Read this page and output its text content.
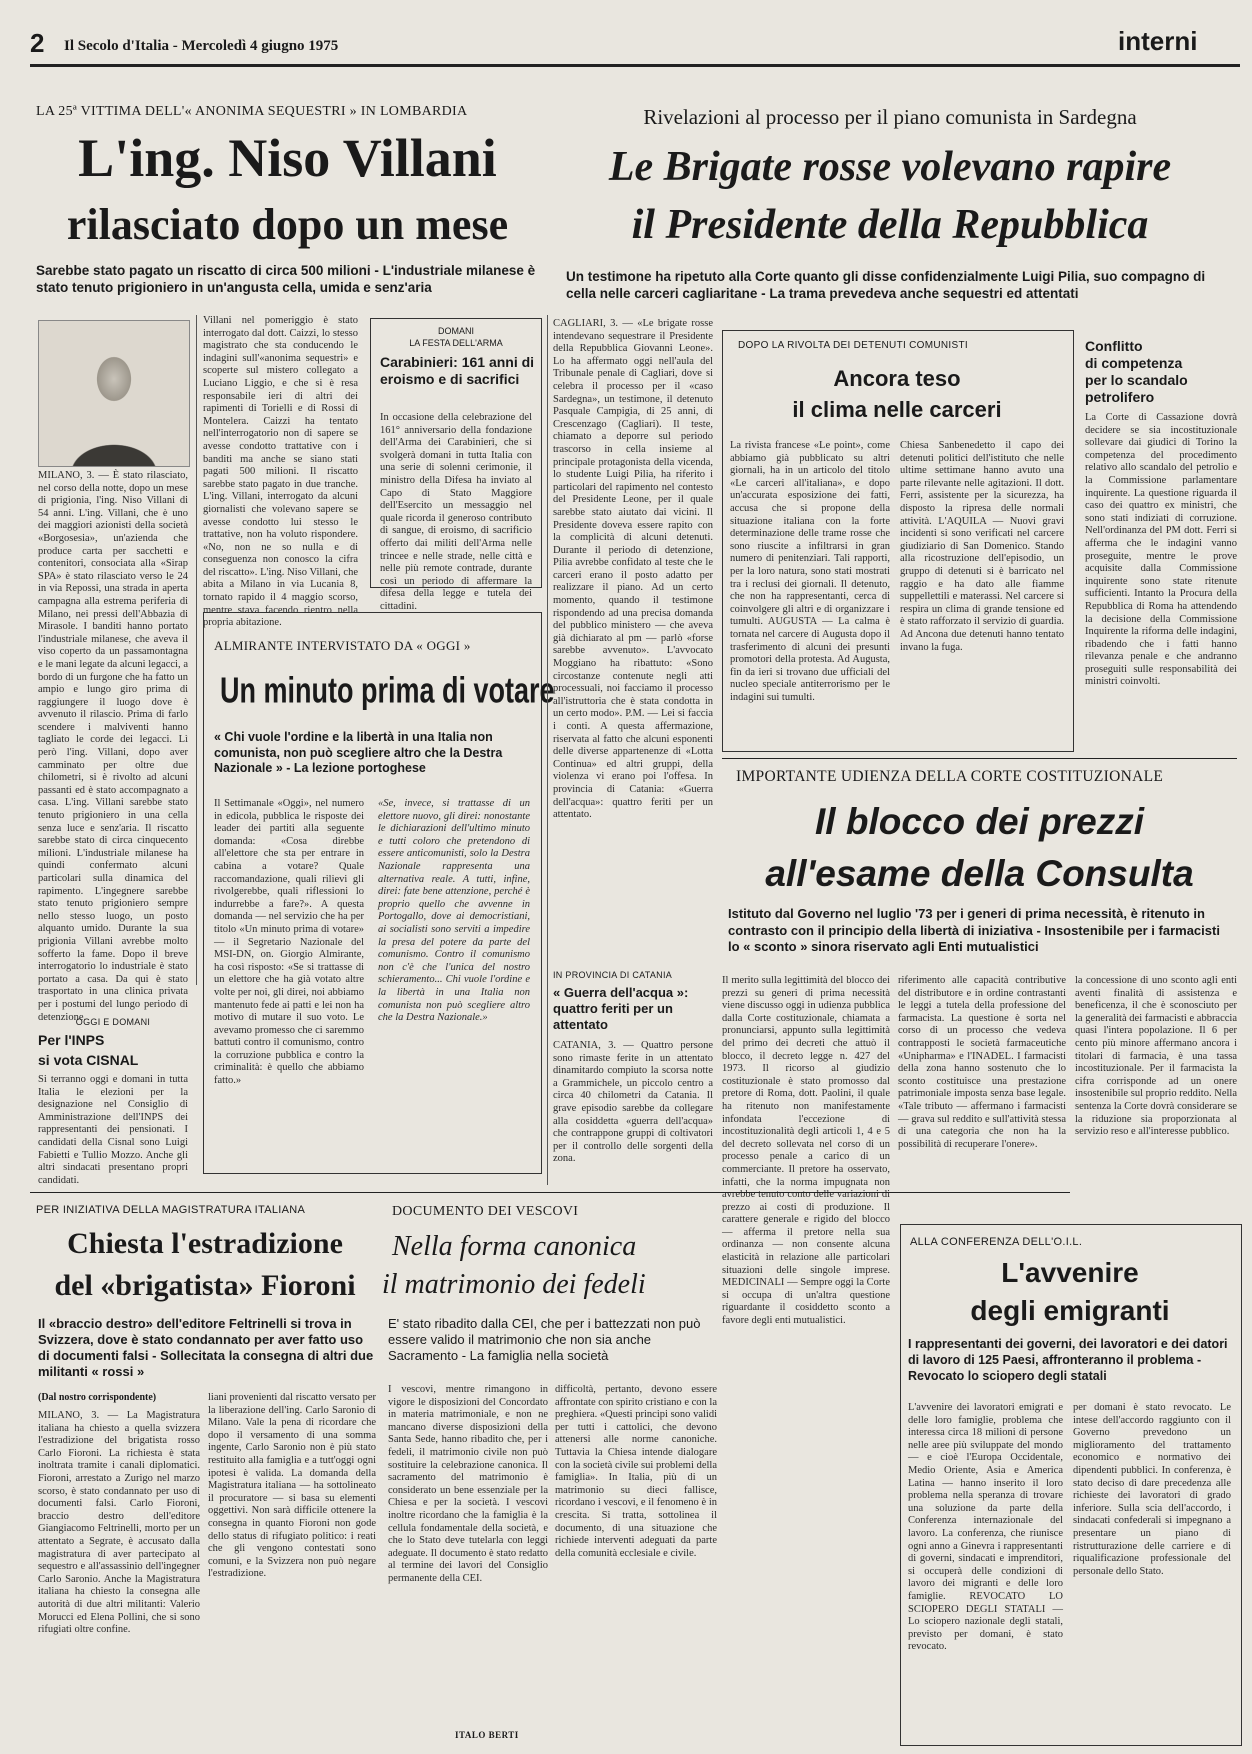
2 Il Secolo d'Italia - Mercoledì 4 giugno 1975	interni
LA 25ª VITTIMA DELL'« ANONIMA SEQUESTRI » IN LOMBARDIA
L'ing. Niso Villani
rilasciato dopo un mese
Sarebbe stato pagato un riscatto di circa 500 milioni - L'industriale milanese è stato tenuto prigioniero in un'angusta cella, umida e senz'aria
MILANO, 3. — È stato rilasciato, nel corso della notte, dopo un mese di prigionia, l'ing. Niso Villani di 54 anni. L'ing. Villani, che è uno dei maggiori azionisti della società «Borgosesia», un'azienda che produce carta per sacchetti e contenitori, consociata alla «Sirap SPA» è stato rilasciato verso le 24 in via Repossi, una strada in aperta campagna alla estrema periferia di Milano, nei pressi dell'Abbazia di Mirasole. I banditi hanno portato l'industriale milanese, che aveva il viso coperto da un passamontagna e le mani legate da alcuni legacci, a bordo di un furgone che ha fatto un ampio e lungo giro prima di raggiungere il luogo dove è avvenuto il rilascio. Prima di farlo scendere i malviventi hanno tagliato le corde dei legacci. Lì però l'ing. Villani, dopo aver camminato per oltre due chilometri, si è rivolto ad alcuni passanti ed è stato accompagnato a casa. L'ing. Villani sarebbe stato tenuto prigioniero in una cella senza luce e senz'aria. Il riscatto sarebbe stato di circa cinquecento milioni. L'industriale milanese ha quindi confermato alcuni particolari sulla dinamica del rapimento. L'ingegnere sarebbe stato tenuto prigioniero sempre nello stesso luogo, un posto alquanto umido. Durante la sua prigionia Villani avrebbe molto sofferto la fame. Dopo il breve interrogatorio lo industriale è stato portato a casa. Da qui è stato trasportato in una clinica privata per i postumi del lungo periodo di detenzione.
Villani nel pomeriggio è stato interrogato dal dott. Caizzi, lo stesso magistrato che sta conducendo le indagini sull'«anonima sequestri» e scoperte sul mistero collegato a Luciano Liggio, e che si è resa responsabile ieri di altri dei rapimenti di Torielli e di Rossi di Montelera. Caizzi ha tentato nell'interrogatorio non di sapere se avesse condotto trattative con i banditi ma anche se siano stati pagati 500 milioni. Il riscatto sarebbe stato pagato in due tranche. L'ing. Villani, interrogato da alcuni giornalisti che volevano sapere se avesse condotto lui stesso le trattative, non ha voluto rispondere. «No, non ne so nulla e di conseguenza non conosco la cifra del riscatto». L'ing. Niso Villani, che abita a Milano in via Lucania 8, tornato rapido il 4 maggio scorso, mentre stava facendo rientro nella propria abitazione.
DOMANI
LA FESTA DELL'ARMA
Carabinieri: 161 anni di eroismo e di sacrifici
In occasione della celebrazione del 161° anniversario della fondazione dell'Arma dei Carabinieri, che si svolgerà domani in tutta Italia con una serie di solenni cerimonie, il ministro della Difesa ha inviato al Capo di Stato Maggiore dell'Esercito un messaggio nel quale ricorda il generoso contributo di sangue, di eroismo, di sacrificio offerto dai militi dell'Arma nelle trincee e nelle strade, nelle città e nelle più remote contrade, durante così un periodo di affermare la difesa della legge e tutela dei cittadini.
ALMIRANTE INTERVISTATO DA « OGGI »
Un minuto prima di votare
« Chi vuole l'ordine e la libertà in una Italia non comunista, non può scegliere altro che la Destra Nazionale » - La lezione portoghese
Il Settimanale «Oggi», nel numero in edicola, pubblica le risposte dei leader dei partiti alla seguente domanda: «Cosa direbbe all'elettore che sta per entrare in cabina a votare? Quale raccomandazione, quali rilievi gli rivolgerebbe, quali riflessioni lo indurrebbe a fare?». A questa domanda — nel servizio che ha per titolo «Un minuto prima di votare» — il Segretario Nazionale del MSI-DN, on. Giorgio Almirante, ha così risposto: «Se si trattasse di un elettore che ha già votato altre volte per noi, gli direi, noi abbiamo mantenuto fede ai patti e lei non ha motivo di mutare il suo voto. Le avevamo promesso che ci saremmo battuti contro il comunismo, contro la corruzione pubblica e contro la criminalità: è quello che abbiamo fatto.»
«Se, invece, si trattasse di un elettore nuovo, gli direi: nonostante le dichiarazioni dell'ultimo minuto e tutti coloro che pretendono di essere anticomunisti, solo la Destra Nazionale rappresenta una alternativa reale. A tutti, infine, direi: fate bene attenzione, perché è proprio quello che avvenne in Portogallo, dove ai democristiani, ai socialisti sono serviti a impedire la presa del potere da parte del comunismo. Contro il comunismo non c'è che l'unica del nostro schieramento... Chi vuole l'ordine e la libertà in una Italia non comunista non può scegliere altro che la Destra Nazionale.»
OGGI E DOMANI
Per l'INPS
si vota CISNAL
Si terranno oggi e domani in tutta Italia le elezioni per la designazione nel Consiglio di Amministrazione dell'INPS dei rappresentanti dei pensionati. I candidati della Cisnal sono Luigi Fabietti e Tullio Mozzo. Anche gli altri sindacati presentano propri candidati.
Rivelazioni al processo per il piano comunista in Sardegna
Le Brigate rosse volevano rapire
il Presidente della Repubblica
Un testimone ha ripetuto alla Corte quanto gli disse confidenzialmente Luigi Pilia, suo compagno di cella nelle carceri cagliaritane - La trama prevedeva anche sequestri ed attentati
CAGLIARI, 3. — «Le brigate rosse intendevano sequestrare il Presidente della Repubblica Giovanni Leone». Lo ha affermato oggi nell'aula del Tribunale penale di Cagliari, dove si celebra il processo per il «caso Sardegna», un testimone, il detenuto Pasquale Campigia, di 25 anni, di Crescenzago (Cagliari). Il teste, chiamato a deporre sul periodo trascorso in cella insieme al principale protagonista della vicenda, lo studente Luigi Pilia, ha riferito i particolari del rapimento nel contesto del Presidente Leone, per il quale sarebbe stato aiutato dai vicini. Il Presidente doveva essere rapito con la complicità di alcuni detenuti. Durante il periodo di detenzione, Pilia avrebbe confidato al teste che le carceri erano il posto adatto per realizzare il piano. Ad un certo momento, quando il testimone rispondendo ad una precisa domanda del pubblico ministero — che aveva già dichiarato al pm — parlò «forse sarebbe avvenuto». L'avvocato Moggiano ha ribattuto: «Sono circostanze contenute negli atti processuali, noi facciamo il processo all'istruttoria che è stata condotta in un certo modo». P.M. — Lei si faccia i conti. A questa affermazione, riservata al fatto che alcuni esponenti delle diverse appartenenze di «Lotta Continua» ed altri gruppi, della violenza vi erano poi l'offesa. In provincia di Catania: «Guerra dell'acqua»: quattro feriti per un attentato.
IN PROVINCIA DI CATANIA
« Guerra dell'acqua »: quattro feriti per un attentato
CATANIA, 3. — Quattro persone sono rimaste ferite in un attentato dinamitardo compiuto la scorsa notte a Grammichele, un piccolo centro a circa 40 chilometri da Catania. Il grave episodio sarebbe da collegare alla cosiddetta «guerra dell'acqua» che contrappone gruppi di coltivatori per il controllo delle sorgenti della zona.
DOPO LA RIVOLTA DEI DETENUTI COMUNISTI
Ancora teso
il clima nelle carceri
La rivista francese «Le point», come abbiamo già pubblicato su altri giornali, ha in un articolo del titolo «Le carceri all'italiana», e dopo un'accurata esposizione dei fatti, accusa che si propone della situazione italiana con la forte determinazione delle trame rosse che sono riuscite a infiltrarsi in gran numero di penitenziari. Tali rapporti, per la loro natura, sono stati mostrati tra i reclusi dei giornali. Il detenuto, che non ha rappresentanti, cerca di coinvolgere gli altri e di organizzare i tumulti. AUGUSTA — La calma è tornata nel carcere di Augusta dopo il trasferimento di alcuni dei presunti promotori della protesta. Ad Augusta, fin da ieri si trovano due ufficiali del nucleo speciale antiterrorismo per le indagini sui tumulti.
Chiesa Sanbenedetto il capo dei detenuti politici dell'istituto che nelle ultime settimane hanno avuto una parte rilevante nelle agitazioni. Il dott. Ferri, assistente per la sicurezza, ha disposto la ripresa delle normali attività. L'AQUILA — Nuovi gravi incidenti si sono verificati nel carcere giudiziario di San Domenico. Stando alla ricostruzione dell'episodio, un gruppo di detenuti si è barricato nel raggio e ha dato alle fiamme suppellettili e materassi. Nel carcere si respira un clima di grande tensione ed è stato rafforzato il servizio di guardia. Ad Ancona due detenuti hanno tentato invano la fuga.
Conflitto
di competenza
per lo scandalo
petrolifero
La Corte di Cassazione dovrà decidere se sia incostituzionale sollevare dai giudici di Torino la competenza del procedimento relativo allo scandalo del petrolio e la Commissione parlamentare inquirente. La questione riguarda il caso dei quattro ex ministri, che sono stati indiziati di corruzione. Nell'ordinanza del PM dott. Ferri si afferma che le indagini vanno proseguite, mentre le prove acquisite dalla Commissione inquirente sono state ritenute sufficienti. Intanto la Procura della Repubblica di Roma ha attendendo la decisione della Commissione Inquirente la riforma delle indagini, ribadendo che i fatti hanno rilevanza penale e che andranno proseguiti sulle responsabilità dei ministri coinvolti.
IMPORTANTE UDIENZA DELLA CORTE COSTITUZIONALE
Il blocco dei prezzi
all'esame della Consulta
Istituto dal Governo nel luglio '73 per i generi di prima necessità, è ritenuto in contrasto con il principio della libertà di iniziativa - Insostenibile per i farmacisti lo « sconto » sinora riservato agli Enti mutualistici
Il merito sulla legittimità del blocco dei prezzi su generi di prima necessità viene discusso oggi in udienza pubblica dalla Corte costituzionale, chiamata a pronunciarsi, appunto sulla legittimità del primo dei decreti che attuò il blocco, il decreto legge n. 427 del 1973. Il ricorso al giudizio costituzionale è stato promosso dal pretore di Roma, dott. Paolini, il quale ha ritenuto non manifestamente infondata l'eccezione di incostituzionalità degli articoli 1, 4 e 5 del decreto sollevata nel corso di un processo penale a carico di un commerciante. Il pretore ha osservato, infatti, che la norma impugnata non avrebbe tenuto conto delle variazioni di prezzo ai costi di produzione. Il carattere generale e rigido del blocco — afferma il pretore nella sua ordinanza — non consente alcuna elasticità in relazione alle particolari situazioni delle singole imprese. MEDICINALI — Sempre oggi la Corte si occupa di un'altra questione riguardante il cosiddetto sconto a favore degli enti mutualistici.
riferimento alle capacità contributive del distributore e in ordine contrastanti le leggi a tutela della professione del farmacista. La questione è sorta nel corso di un processo che vedeva contrapposti le società farmaceutiche «Unipharma» e l'INADEL. I farmacisti della zona hanno sostenuto che lo sconto costituisce una prestazione patrimoniale imposta senza base legale. «Tale tributo — affermano i farmacisti — grava sul reddito e sull'attività stessa di una categoria che non ha la possibilità di recuperare l'onere».
la concessione di uno sconto agli enti aventi finalità di assistenza e beneficenza, il che è sconosciuto per la generalità dei farmacisti e abbraccia quasi l'intera popolazione. Il 6 per cento più minore affermano ancora i titolari di farmacia, è una tassa incostituzionale. Per il farmacista la cifra corrisponde ad un onere insostenibile sul proprio reddito. Nella sentenza la Corte dovrà considerare se la riduzione sia proporzionata al servizio reso e all'interesse pubblico.
PER INIZIATIVA DELLA MAGISTRATURA ITALIANA
Chiesta l'estradizione
del «brigatista» Fioroni
Il «braccio destro» dell'editore Feltrinelli si trova in Svizzera, dove è stato condannato per aver fatto uso di documenti falsi - Sollecitata la consegna di altri due militanti « rossi »
(Dal nostro corrispondente)
MILANO, 3. — La Magistratura italiana ha chiesto a quella svizzera l'estradizione del brigatista rosso Carlo Fioroni. La richiesta è stata inoltrata tramite i canali diplomatici. Fioroni, arrestato a Zurigo nel marzo scorso, è stato condannato per uso di documenti falsi. Carlo Fioroni, braccio destro dell'editore Giangiacomo Feltrinelli, morto per un attentato a Segrate, è accusato dalla magistratura di aver partecipato al sequestro e all'assassinio dell'ingegner Carlo Saronio. Anche la Magistratura italiana ha chiesto la consegna alle autorità di due altri militanti: Valerio Morucci ed Elena Pollini, che si sono rifugiati oltre confine.
liani provenienti dal riscatto versato per la liberazione dell'ing. Carlo Saronio di Milano. Vale la pena di ricordare che dopo il versamento di una somma ingente, Carlo Saronio non è più stato restituito alla famiglia e a tutt'oggi ogni ipotesi è valida. La domanda della Magistratura italiana — ha sottolineato il procuratore — si basa su elementi oggettivi. Non sarà difficile ottenere la consegna in quanto Fioroni non gode dello status di rifugiato politico: i reati che gli vengono contestati sono comuni, e la Svizzera non può negare l'estradizione.
DOCUMENTO DEI VESCOVI
Nella forma canonica
il matrimonio dei fedeli
E' stato ribadito dalla CEI, che per i battezzati non può essere valido il matrimonio che non sia anche Sacramento - La famiglia nella società
I vescovi, mentre rimangono in vigore le disposizioni del Concordato in materia matrimoniale, e non ne mancano diverse disposizioni della Santa Sede, hanno ribadito che, per i fedeli, il matrimonio civile non può sostituire la celebrazione canonica. Il sacramento del matrimonio è considerato un bene essenziale per la Chiesa e per la società. I vescovi inoltre ricordano che la famiglia è la cellula fondamentale della società, e che lo Stato deve tutelarla con leggi adeguate. Il documento è stato redatto al termine dei lavori del Consiglio permanente della CEI.
difficoltà, pertanto, devono essere affrontate con spirito cristiano e con la preghiera. «Questi principi sono validi per tutti i cattolici, che devono attenersi alle norme canoniche. Tuttavia la Chiesa intende dialogare con la società civile sui problemi della famiglia». In Italia, più di un matrimonio su dieci fallisce, ricordano i vescovi, e il fenomeno è in crescita. Si tratta, sottolinea il documento, di una situazione che richiede interventi adeguati da parte della comunità ecclesiale e civile.
ITALO BERTI
ALLA CONFERENZA DELL'O.I.L.
L'avvenire
degli emigranti
I rappresentanti dei governi, dei lavoratori e dei datori di lavoro di 125 Paesi, affronteranno il problema - Revocato lo sciopero degli statali
L'avvenire dei lavoratori emigrati e delle loro famiglie, problema che interessa circa 18 milioni di persone nelle aree più sviluppate del mondo — e cioè l'Europa Occidentale, Medio Oriente, Asia e America Latina — hanno inserito il loro problema nella speranza di trovare una soluzione da parte della Conferenza internazionale del lavoro. La conferenza, che riunisce ogni anno a Ginevra i rappresentanti di governi, sindacati e imprenditori, si occuperà delle condizioni di lavoro dei migranti e delle loro famiglie. REVOCATO LO SCIOPERO DEGLI STATALI — Lo sciopero nazionale degli statali, previsto per domani, è stato revocato.
per domani è stato revocato. Le intese dell'accordo raggiunto con il Governo prevedono un miglioramento del trattamento economico e normativo dei dipendenti pubblici. In conferenza, è stato deciso di dare precedenza alle richieste dei lavoratori di grado inferiore. Sulla scia dell'accordo, i sindacati confederali si impegnano a presentare un piano di ristrutturazione delle carriere e di riqualificazione professionale del personale dello Stato.
